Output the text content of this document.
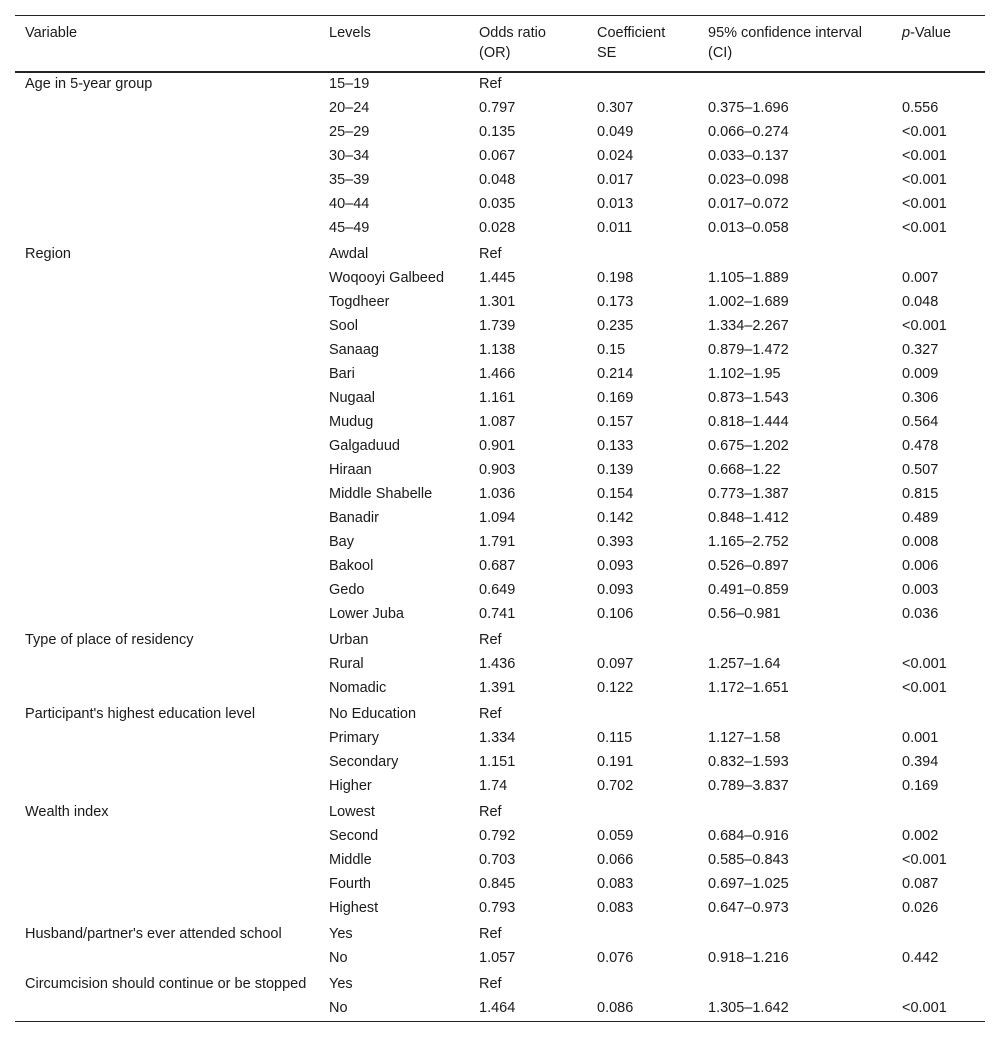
Variable	Levels	Odds ratio (OR)	Coefficient SE	95% confidence interval (CI)	p-Value
Age in 5-year group	15–19	Ref			
	20–24	0.797	0.307	0.375–1.696	0.556
	25–29	0.135	0.049	0.066–0.274	<0.001
	30–34	0.067	0.024	0.033–0.137	<0.001
	35–39	0.048	0.017	0.023–0.098	<0.001
	40–44	0.035	0.013	0.017–0.072	<0.001
	45–49	0.028	0.011	0.013–0.058	<0.001
Region	Awdal	Ref			
	Woqooyi Galbeed	1.445	0.198	1.105–1.889	0.007
	Togdheer	1.301	0.173	1.002–1.689	0.048
	Sool	1.739	0.235	1.334–2.267	<0.001
	Sanaag	1.138	0.15	0.879–1.472	0.327
	Bari	1.466	0.214	1.102–1.95	0.009
	Nugaal	1.161	0.169	0.873–1.543	0.306
	Mudug	1.087	0.157	0.818–1.444	0.564
	Galgaduud	0.901	0.133	0.675–1.202	0.478
	Hiraan	0.903	0.139	0.668–1.22	0.507
	Middle Shabelle	1.036	0.154	0.773–1.387	0.815
	Banadir	1.094	0.142	0.848–1.412	0.489
	Bay	1.791	0.393	1.165–2.752	0.008
	Bakool	0.687	0.093	0.526–0.897	0.006
	Gedo	0.649	0.093	0.491–0.859	0.003
	Lower Juba	0.741	0.106	0.56–0.981	0.036
Type of place of residency	Urban	Ref			
	Rural	1.436	0.097	1.257–1.64	<0.001
	Nomadic	1.391	0.122	1.172–1.651	<0.001
Participant's highest education level	No Education	Ref			
	Primary	1.334	0.115	1.127–1.58	0.001
	Secondary	1.151	0.191	0.832–1.593	0.394
	Higher	1.74	0.702	0.789–3.837	0.169
Wealth index	Lowest	Ref			
	Second	0.792	0.059	0.684–0.916	0.002
	Middle	0.703	0.066	0.585–0.843	<0.001
	Fourth	0.845	0.083	0.697–1.025	0.087
	Highest	0.793	0.083	0.647–0.973	0.026
Husband/partner's ever attended school	Yes	Ref			
	No	1.057	0.076	0.918–1.216	0.442
Circumcision should continue or be stopped	Yes	Ref			
	No	1.464	0.086	1.305–1.642	<0.001
